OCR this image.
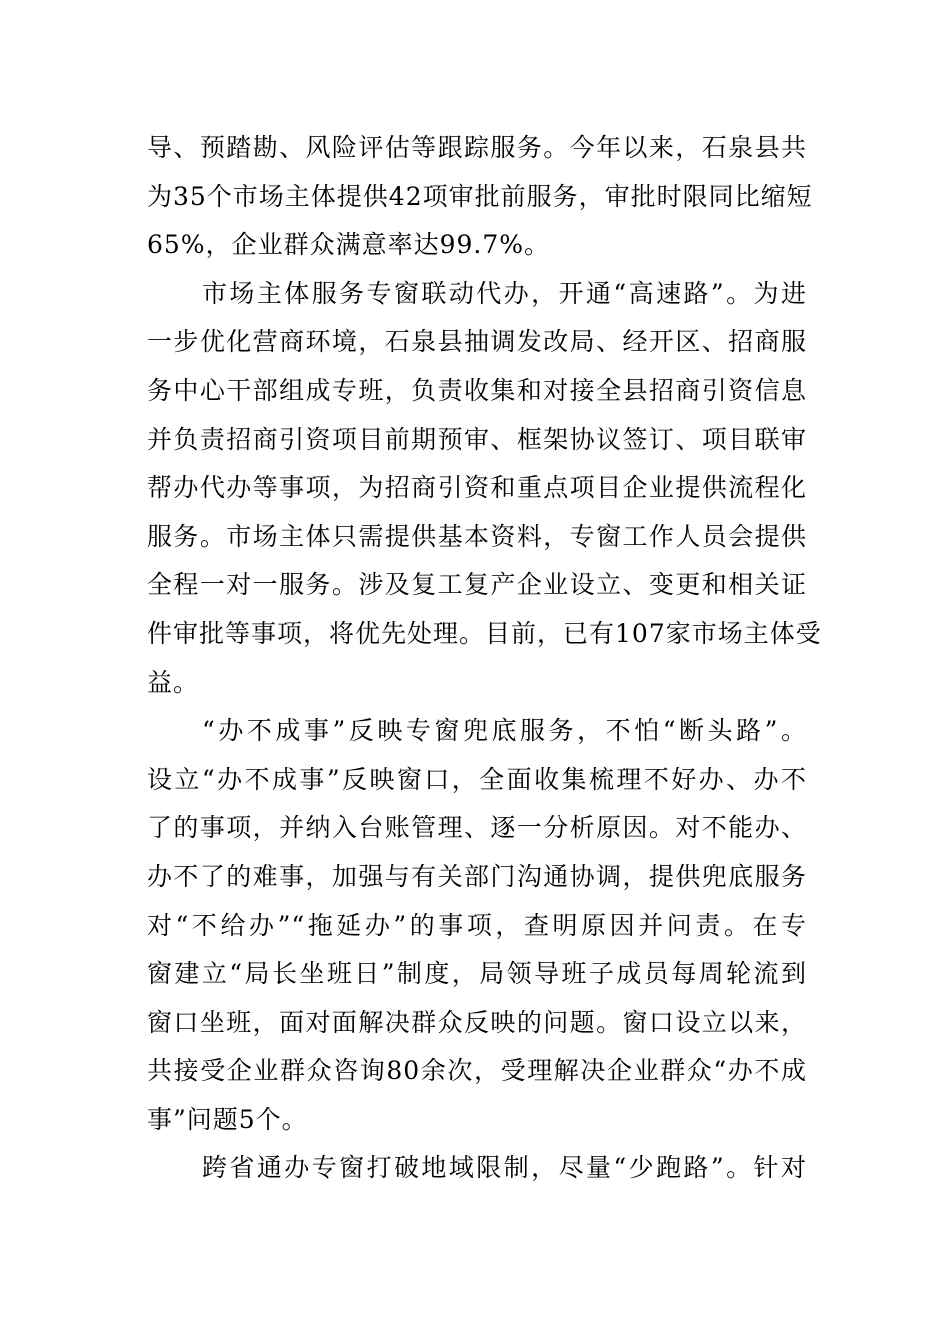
导、预踏勘、风险评估等跟踪服务。今年以来，石泉县共
为35个市场主体提供42项审批前服务，审批时限同比缩短
65%，企业群众满意率达99.7%。
市场主体服务专窗联动代办，开通“高速路”。为进
一步优化营商环境，石泉县抽调发改局、经开区、招商服
务中心干部组成专班，负责收集和对接全县招商引资信息
并负责招商引资项目前期预审、框架协议签订、项目联审
帮办代办等事项，为招商引资和重点项目企业提供流程化
服务。市场主体只需提供基本资料，专窗工作人员会提供
全程一对一服务。涉及复工复产企业设立、变更和相关证
件审批等事项，将优先处理。目前，已有107家市场主体受
益。
“办不成事”反映专窗兜底服务，不怕“断头路”。
设立“办不成事”反映窗口，全面收集梳理不好办、办不
了的事项，并纳入台账管理、逐一分析原因。对不能办、
办不了的难事，加强与有关部门沟通协调，提供兜底服务
对“不给办”“拖延办”的事项，查明原因并问责。在专
窗建立“局长坐班日”制度，局领导班子成员每周轮流到
窗口坐班，面对面解决群众反映的问题。窗口设立以来，
共接受企业群众咨询80余次，受理解决企业群众“办不成
事”问题5个。
跨省通办专窗打破地域限制，尽量“少跑路”。针对
